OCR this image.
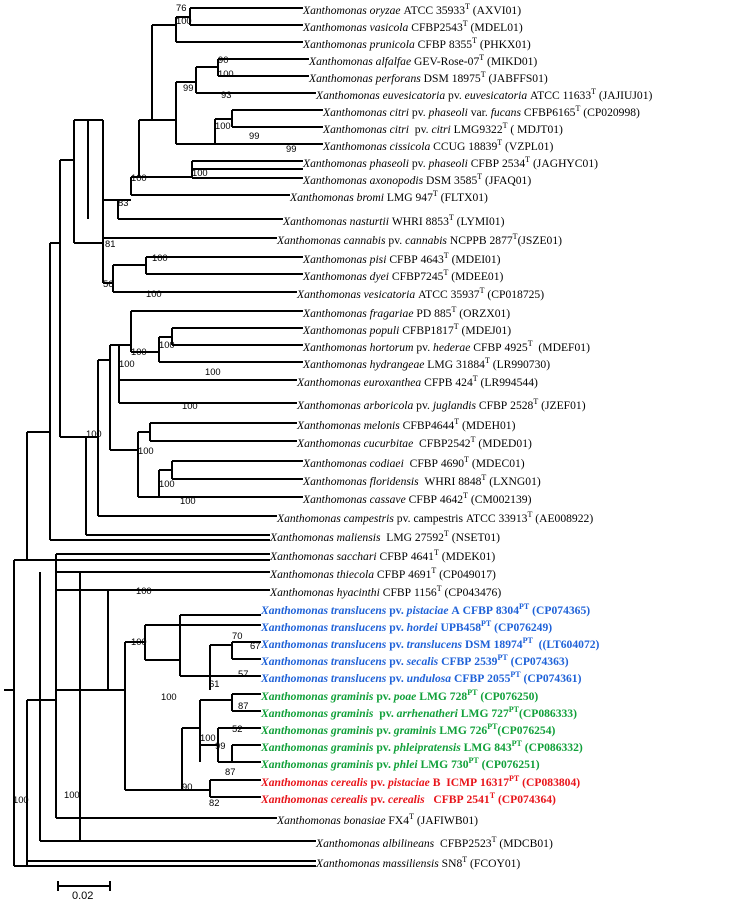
Xanthomonas oryzae ATCC $35933^T$ (AXVI01)
Xanthomonas vasicola $CFBP2543^T$ (MDEL01)
Xanthomonas prunicola CFBP $8355^T$ (PHKX01)
Xanthomonas alfalfae GEV-$Rose-07^T$ (MIKD01)
Xanthomonas perforans DSM $18975^T$ (JABFFS01)
Xanthomonas euvesicatoria pv. euvesicatoria ATCC $11633^T$ (JAJIUJ01)
Xanthomonas citri pv. phaseoli var. fucans $CFBP6165^T$ (CP020998)
Xanthomonas citri  pv. citri $LMG9322^T$ ( MDJT01)
Xanthomonas cissicola CCUG $18839^T$ (VZPL01)
Xanthomonas phaseoli pv. phaseoli CFBP $2534^T$ (JAGHYC01)
Xanthomonas axonopodis DSM $3585^T$ (JFAQ01)
Xanthomonas bromi LMG $947^T$ (FLTX01)
Xanthomonas nasturtii WHRI $8853^T$ (LYMI01)
Xanthomonas cannabis pv. cannabis NCPPB $2877^T(JSZE01)$
Xanthomonas pisi CFBP $4643^T$ (MDEI01)
Xanthomonas dyei $CFBP7245^T$ (MDEE01)
Xanthomonas vesicatoria ATCC $35937^T$ (CP018725)
Xanthomonas fragariae PD $885^T$ (ORZX01)
Xanthomonas populi $CFBP1817^T$ (MDEJ01)
Xanthomonas hortorum pv. hederae CFBP $4925^T$  (MDEF01)
Xanthomonas hydrangeae LMG $31884^T$ (LR990730)
Xanthomonas euroxanthea CFPB $424^T$ (LR994544)
Xanthomonas arboricola pv. juglandis CFBP $2528^T$ (JZEF01)
Xanthomonas melonis $CFBP4644^T$ (MDEH01)
Xanthomonas cucurbitae  $CFBP2542^T$ (MDED01)
Xanthomonas codiaei  CFBP $4690^T$ (MDEC01)
Xanthomonas floridensis  WHRI $8848^T$ (LXNG01)
Xanthomonas cassave CFBP $4642^T$ (CM002139)
Xanthomonas campestris pv. campestris ATCC $33913^T$ (AE008922)
Xanthomonas maliensis  LMG $27592^T$ (NSET01)
Xanthomonas sacchari CFBP $4641^T$ (MDEK01)
Xanthomonas thiecola CFBP $4691^T$ (CP049017)
Xanthomonas hyacinthi CFBP $1156^T$ (CP043476)
Xanthomonas translucens pv. pistaciae A CFBP $8304^{PT}$ (CP074365)
Xanthomonas translucens pv. hordei $UPB458^{PT}$ (CP076249)
Xanthomonas translucens pv. translucens DSM $18974^{PT}$  ((LT604072)
Xanthomonas translucens pv. secalis CFBP $2539^{PT}$ (CP074363)
Xanthomonas translucens pv. undulosa CFBP $2055^{PT}$ (CP074361)
Xanthomonas graminis pv. poae LMG $728^{PT}$ (CP076250)
Xanthomonas graminis  pv. arrhenatheri LMG $727^{PT}(CP086333)$
Xanthomonas graminis pv. graminis LMG $726^{PT}(CP076254)$
Xanthomonas graminis pv. phleipratensis LMG $843^{PT}$ (CP086332)
Xanthomonas graminis pv. phlei LMG $730^{PT}$ (CP076251)
Xanthomonas cerealis pv. pistaciae B  ICMP $16317^{PT}$ (CP083804)
Xanthomonas cerealis pv. cerealis   CFBP $2541^T$ (CP074364)
Xanthomonas bonasiae $FX4^T$ (JAFIWB01)
Xanthomonas albilineans  $CFBP2523^T$ (MDCB01)
Xanthomonas massiliensis $SN8^T$ (FCOY01)
76
100
90
100
99
93
100
99
99
100
100
83
81
100
100
56
100
100
100
100
100
100
100
100
100
100
100
70
67
57
61
87
52
99
100
87
100
82
90
100
100
0.02
